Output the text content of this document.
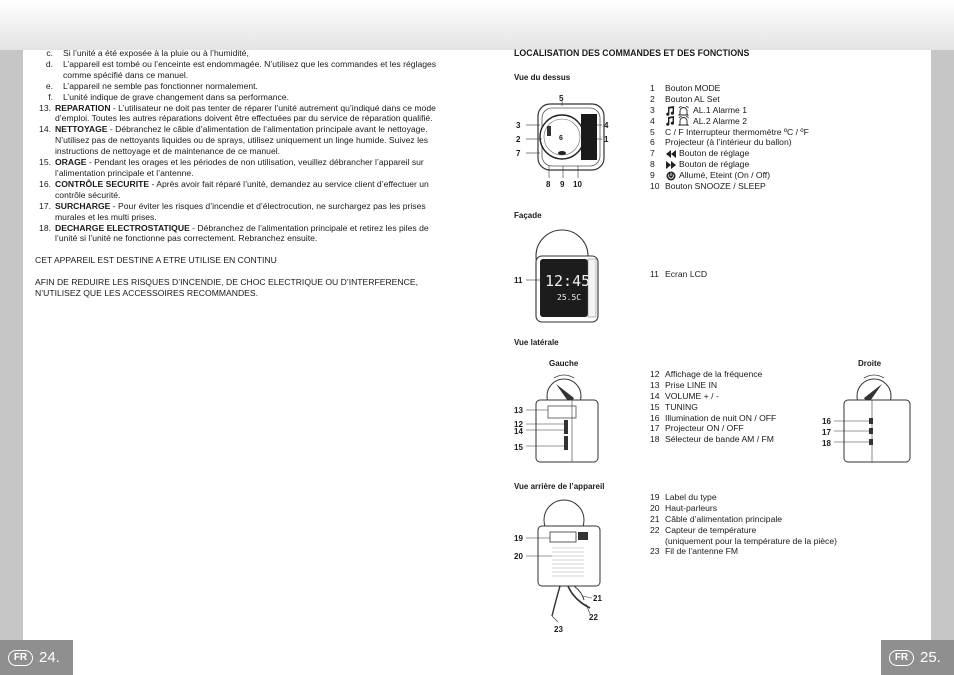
FR 24.	FR 25.
c.	Si l’unité a été exposée à la pluie ou à l’humidité,
d.	L’appareil est tombé ou l’enceinte est endommagée. N’utilisez que les commandes et les réglages comme spécifié dans ce manuel.
e.	L’appareil ne semble pas fonctionner normalement.
f.	L’unité indique de grave changement dans sa performance.
13. REPARATION - L’utilisateur ne doit pas tenter de réparer l’unité autrement qu’indiqué dans ce mode d’emploi. Toutes les autres réparations doivent être effectuées par du service de réparation qualifié.
14. NETTOYAGE - Débranchez le câble d’alimentation de l’alimentation principale avant le nettoyage. N’utilisez pas de nettoyants liquides ou de sprays, utilisez uniquement un linge humide. Suivez les instructions de nettoyage et de maintenance de ce manuel.
15. ORAGE - Pendant les orages et les périodes de non utilisation, veuillez débrancher l’appareil sur l’alimentation principale et l’antenne.
16. CONTRÔLE SECURITE - Après avoir fait réparé l’unité, demandez au service client d’effectuer un contrôle sécurité.
17. SURCHARGE - Pour éviter les risques d’incendie et d’électrocution, ne surchargez pas les prises murales et les multi prises.
18. DECHARGE ELECTROSTATIQUE - Débranchez de l’alimentation principale et retirez les piles de l’unité si l’unité ne fonctionne pas correctement. Rebranchez ensuite.
CET APPAREIL EST DESTINE A ETRE UTILISE EN CONTINU
AFIN DE REDUIRE LES RISQUES D’INCENDIE, DE CHOC ELECTRIQUE OU D’INTERFERENCE, N’UTILISEZ QUE LES ACCESSOIRES RECOMMANDES.
LOCALISATION DES COMMANDES ET DES FONCTIONS
Vue du dessus
Façade
Vue latérale
Gauche	Droite
Vue arrière de l’appareil
1	Bouton MODE
2	Bouton AL Set
3	AL.1 Alarme 1
4	AL.2 Alarme 2
5	C / F Interrupteur thermomètre ºC / ºF
6	Projecteur (à l’intérieur du ballon)
7	Bouton de réglage
8	Bouton de réglage
9	Allumé, Eteint (On / Off)
10 Bouton SNOOZE / SLEEP
11 Ecran LCD
12 Affichage de la fréquence
13 Prise LINE IN
14 VOLUME + / -
15 TUNING
16 Illumination de nuit ON / OFF
17 Projecteur ON / OFF
18 Sélecteur de bande AM / FM
19 Label du type
20 Haut-parleurs
21 Câble d’alimentation principale
22 Capteur de température
(uniquement pour la température de la pièce)
23 Fil de l’antenne FM
5
3
2
7
6
4
1
8 9 10
12:45
25.5C
11
13
12
14
15
16
17
18
19
20
21
22
23
